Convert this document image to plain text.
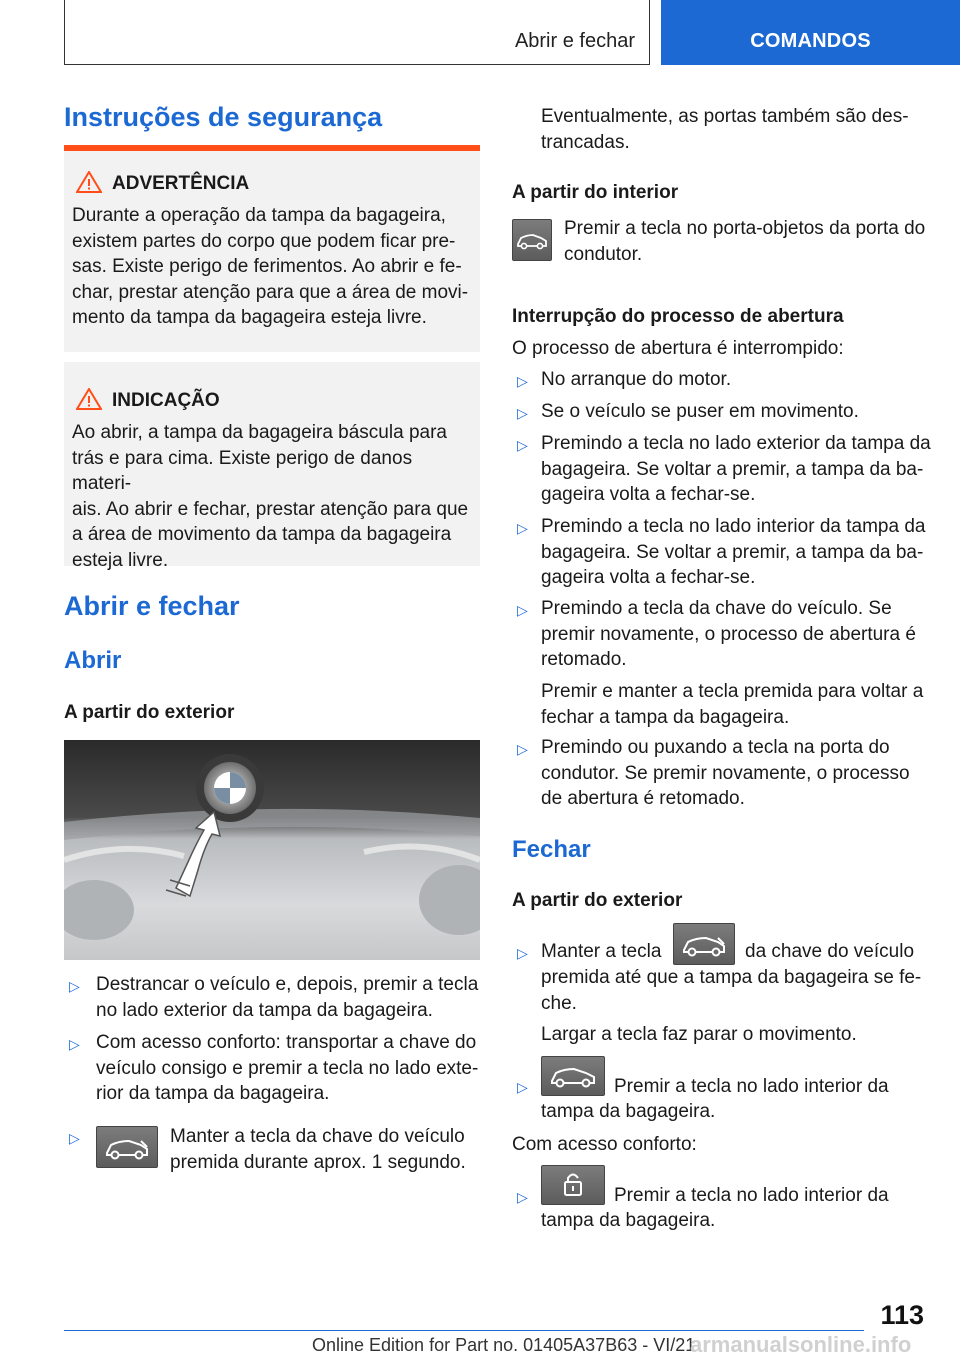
Abrir e fechar	COMANDOS
Instruções de segurança
ADVERTÊNCIA
Durante a operação da tampa da bagageira,
existem partes do corpo que podem ficar pre‐
sas. Existe perigo de ferimentos. Ao abrir e fe‐
char, prestar atenção para que a área de movi‐
mento da tampa da bagageira esteja livre.
INDICAÇÃO
Ao abrir, a tampa da bagageira báscula para
trás e para cima. Existe perigo de danos materi‐
ais. Ao abrir e fechar, prestar atenção para que
a área de movimento da tampa da bagageira
esteja livre.
Abrir e fechar
Abrir
A partir do exterior
▷ Destrancar o veículo e, depois, premir a tecla
no lado exterior da tampa da bagageira.
▷ Com acesso conforto: transportar a chave do
veículo consigo e premir a tecla no lado exte‐
rior da tampa da bagageira.
▷	Manter a tecla da chave do veículo
premida durante aprox. 1 segundo.
Eventualmente, as portas também são des‐
trancadas.
A partir do interior
Premir a tecla no porta-objetos da porta do
condutor.
Interrupção do processo de abertura
O processo de abertura é interrompido:
▷ No arranque do motor.
▷ Se o veículo se puser em movimento.
▷ Premindo a tecla no lado exterior da tampa da
bagageira. Se voltar a premir, a tampa da ba‐
gageira volta a fechar-se.
▷ Premindo a tecla no lado interior da tampa da
bagageira. Se voltar a premir, a tampa da ba‐
gageira volta a fechar-se.
▷ Premindo a tecla da chave do veículo. Se
premir novamente, o processo de abertura é
retomado.
Premir e manter a tecla premida para voltar a
fechar a tampa da bagageira.
▷ Premindo ou puxando a tecla na porta do
condutor. Se premir novamente, o processo
de abertura é retomado.
Fechar
A partir do exterior
▷ Manter a tecla	da chave do veículo
premida até que a tampa da bagageira se fe‐
che.
Largar a tecla faz parar o movimento.
▷	Premir a tecla no lado interior da
tampa da bagageira.
Com acesso conforto:
▷	Premir a tecla no lado interior da
tampa da bagageira.
113
Online Edition for Part no. 01405A37B63 - VI/21
armanualsonline.info
